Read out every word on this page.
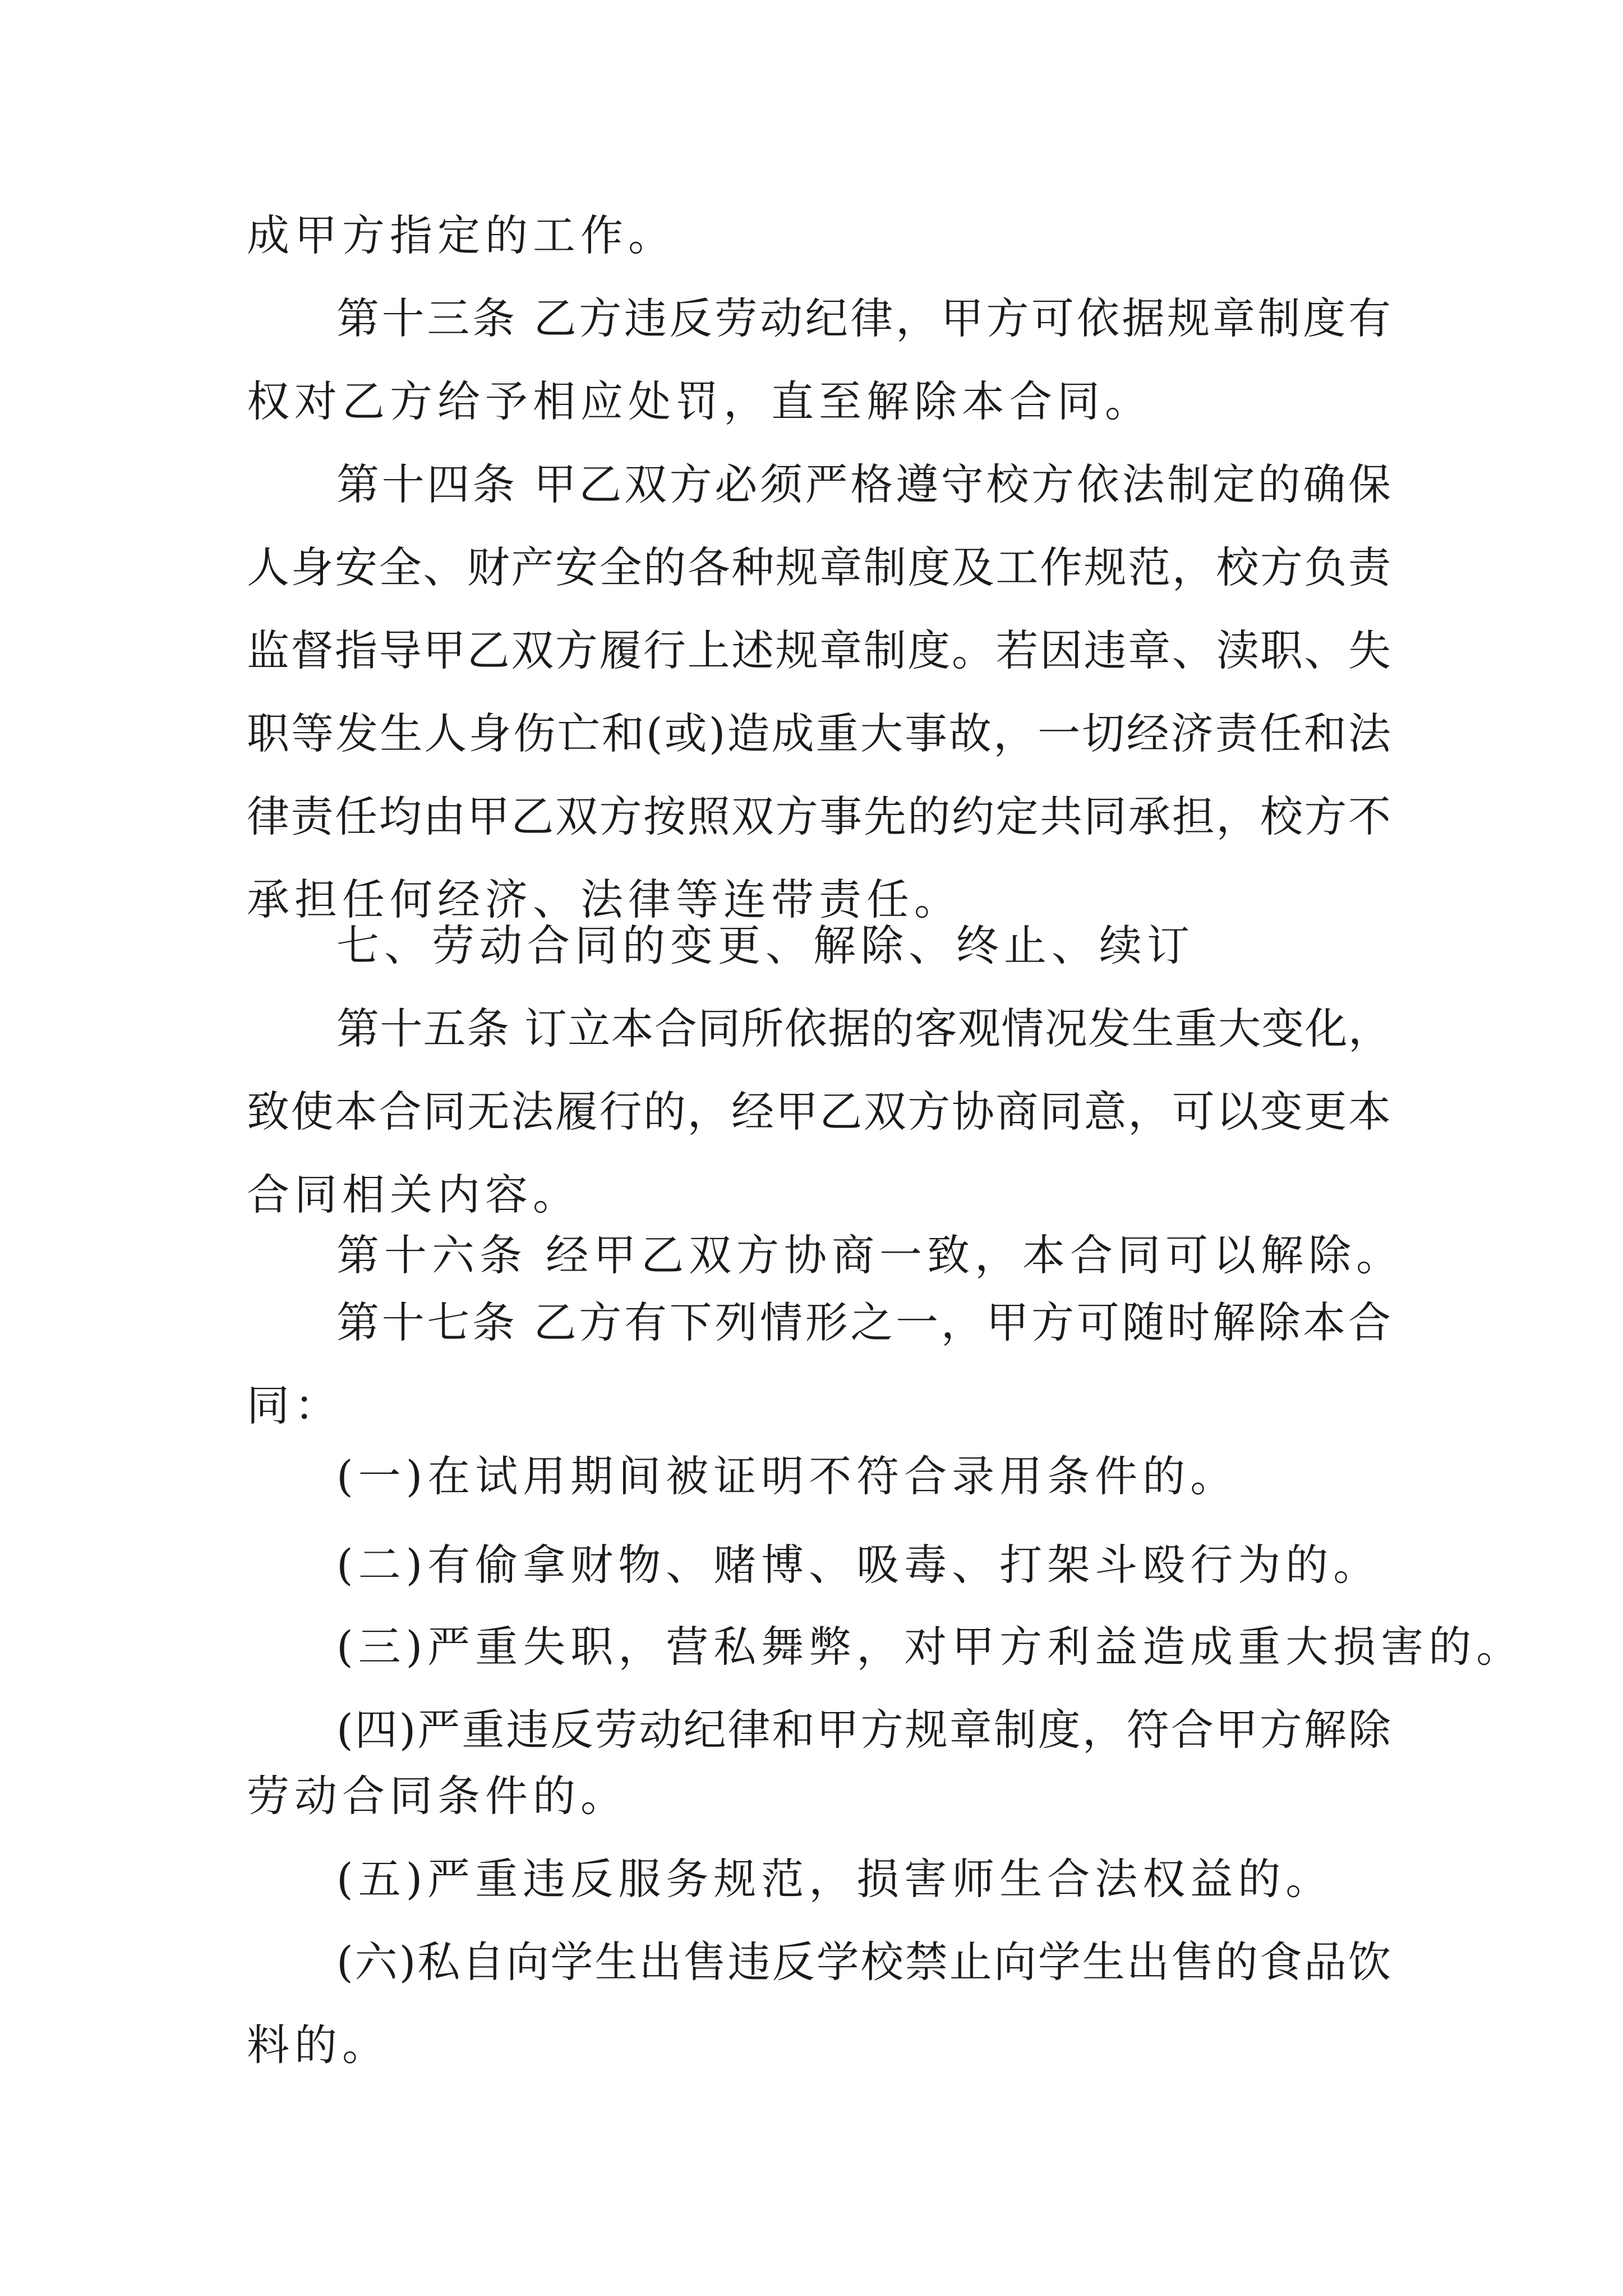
成甲方指定的工作。

第十三条 乙方违反劳动纪律，甲方可依据规章制度有

权对乙方给予相应处罚，直至解除本合同。

第十四条 甲乙双方必须严格遵守校方依法制定的确保

人身安全、财产安全的各种规章制度及工作规范，校方负责

监督指导甲乙双方履行上述规章制度。若因违章、渎职、失

职等发生人身伤亡和(或)造成重大事故，一切经济责任和法

律责任均由甲乙双方按照双方事先的约定共同承担，校方不

承担任何经济、法律等连带责任。

七、劳动合同的变更、解除、终止、续订

第十五条 订立本合同所依据的客观情况发生重大变化，

致使本合同无法履行的，经甲乙双方协商同意，可以变更本

合同相关内容。

第十六条 经甲乙双方协商一致，本合同可以解除。

第十七条 乙方有下列情形之一，甲方可随时解除本合

同：

(一)在试用期间被证明不符合录用条件的。

(二)有偷拿财物、赌博、吸毒、打架斗殴行为的。

(三)严重失职，营私舞弊，对甲方利益造成重大损害的。

(四)严重违反劳动纪律和甲方规章制度，符合甲方解除

劳动合同条件的。

(五)严重违反服务规范，损害师生合法权益的。

(六)私自向学生出售违反学校禁止向学生出售的食品饮

料的。
